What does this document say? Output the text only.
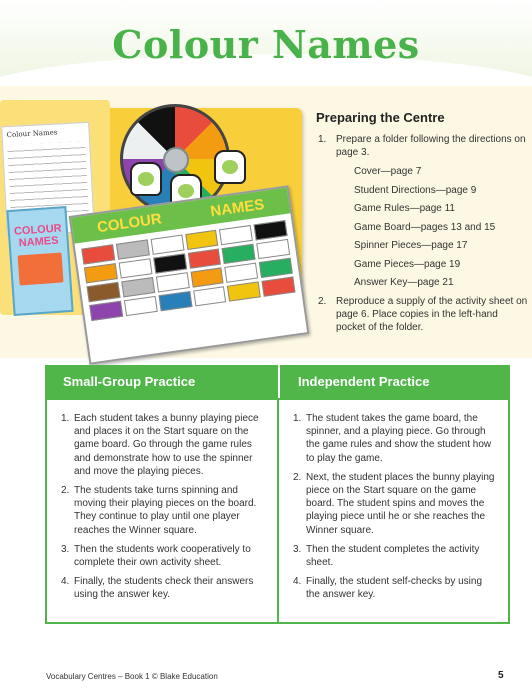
Colour Names
Colour Names
COLOUR NAMES
COLOUR
NAMES
Preparing the Centre
1. Prepare a folder following the directions on page 3.
Cover—page 7
Student Directions—page 9
Game Rules—page 11
Game Board—pages 13 and 15
Spinner Pieces—page 17
Game Pieces—page 19
Answer Key—page 21
2. Reproduce a supply of the activity sheet on page 6. Place copies in the left-hand pocket of the folder.
Small-Group Practice	Independent Practice
1. Each student takes a bunny playing piece and places it on the Start square on the game board. Go through the game rules and demonstrate how to use the spinner and move the playing pieces.
2. The students take turns spinning and moving their playing pieces on the board. They continue to play until one player reaches the Winner square.
3. Then the students work cooperatively to complete their own activity sheet.
4. Finally, the students check their answers using the answer key.
1. The student takes the game board, the spinner, and a playing piece. Go through the game rules and show the student how to play the game.
2. Next, the student places the bunny playing piece on the Start square on the game board. The student spins and moves the playing piece until he or she reaches the Winner square.
3. Then the student completes the activity sheet.
4. Finally, the student self-checks by using the answer key.
Vocabulary Centres – Book 1 © Blake Education	5
